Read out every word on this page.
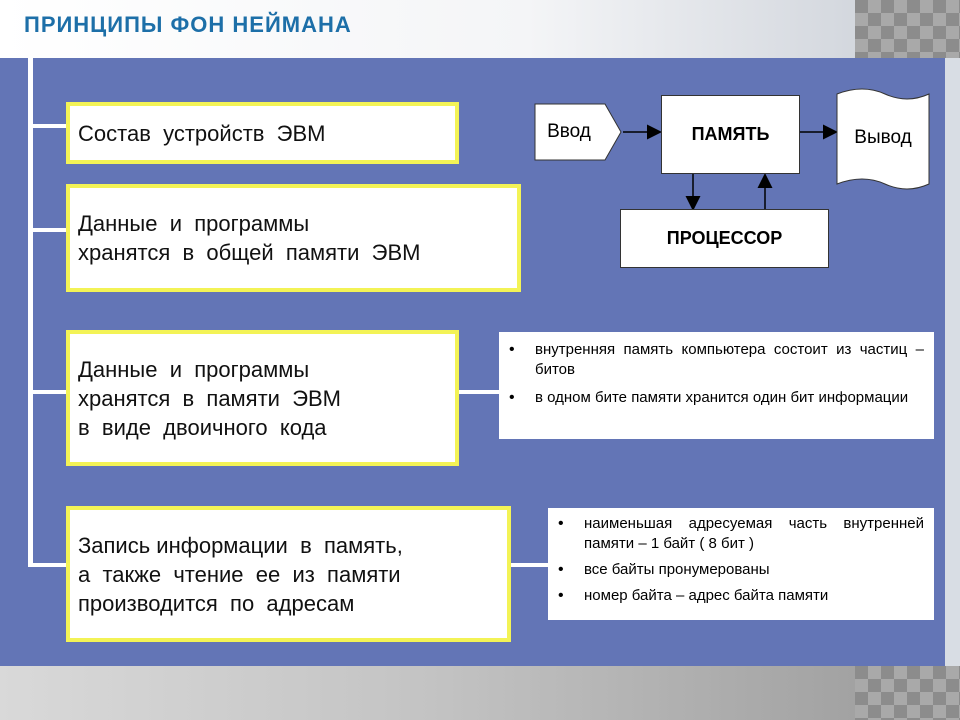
ПРИНЦИПЫ ФОН НЕЙМАНА
Состав  устройств  ЭВМ
Данные  и  программы
хранятся  в  общей  памяти  ЭВМ
Данные  и  программы
хранятся  в  памяти  ЭВМ
в  виде  двоичного  кода
Запись информации  в  память,
а  также  чтение  ее  из  памяти
производится  по  адресам
•	внутренняя память компьютера состоит из частиц – битов
•	в одном бите памяти хранится один бит информации
•	наименьшая адресуемая часть внутренней памяти – 1 байт ( 8 бит )
•	все байты пронумерованы
•	номер байта – адрес байта памяти
Ввод	ПАМЯТЬ	Вывод
ПРОЦЕССОР
